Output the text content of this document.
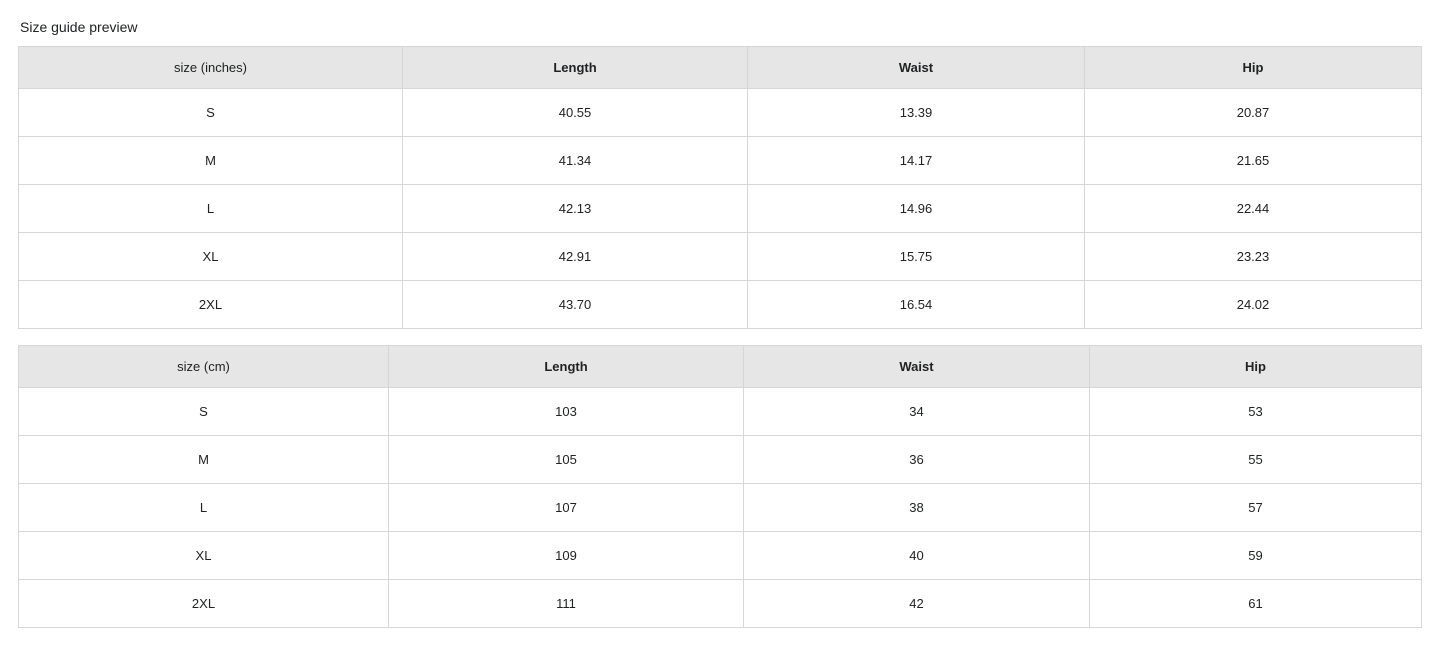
Size guide preview
size (inches)	Length	Waist	Hip
S	40.55	13.39	20.87
M	41.34	14.17	21.65
L	42.13	14.96	22.44
XL	42.91	15.75	23.23
2XL	43.70	16.54	24.02
size (cm)	Length	Waist	Hip
S	103	34	53
M	105	36	55
L	107	38	57
XL	109	40	59
2XL	111	42	61
